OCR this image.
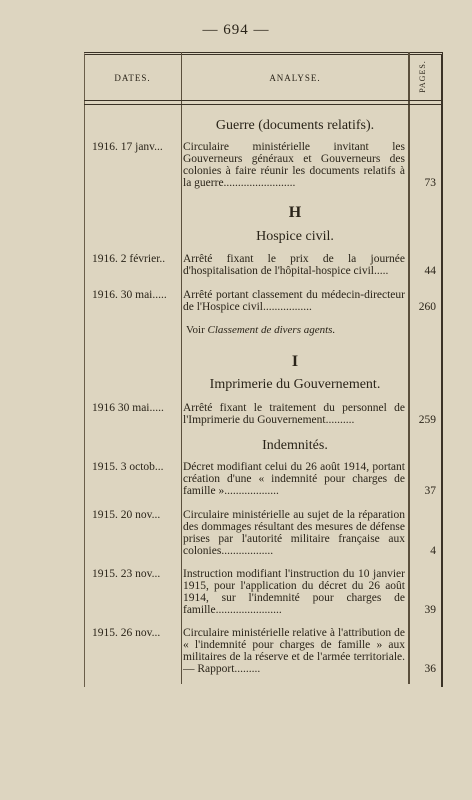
— 694 —
DATES.	ANALYSE.	PAGES.
Guerre (documents relatifs).
1916. 17 janv...	Circulaire ministérielle invitant les Gouverneurs généraux et Gouverneurs des colonies à faire réunir les documents relatifs à la guerre.........................	73
H
Hospice civil.
1916. 2 février..	Arrêté fixant le prix de la journée d'hospitalisation de l'hôpital-hospice civil.....	44
1916. 30 mai.....	Arrêté portant classement du médecin-directeur de l'Hospice civil.................	260
Voir Classement de divers agents.
I
Imprimerie du Gouvernement.
1916 30 mai.....	Arrêté fixant le traitement du personnel de l'Imprimerie du Gouvernement..........	259
Indemnités.
1915. 3 octob...	Décret modifiant celui du 26 août 1914, portant création d'une « indemnité pour charges de famille »...................	37
1915. 20 nov...	Circulaire ministérielle au sujet de la réparation des dommages résultant des mesures de défense prises par l'autorité militaire française aux colonies..................	4
1915. 23 nov...	Instruction modifiant l'instruction du 10 janvier 1915, pour l'application du décret du 26 août 1914, sur l'indemnité pour charges de famille.......................	39
1915. 26 nov...	Circulaire ministérielle relative à l'attribution de « l'indemnité pour charges de famille » aux militaires de la réserve et de l'armée territoriale. — Rapport.........	36
